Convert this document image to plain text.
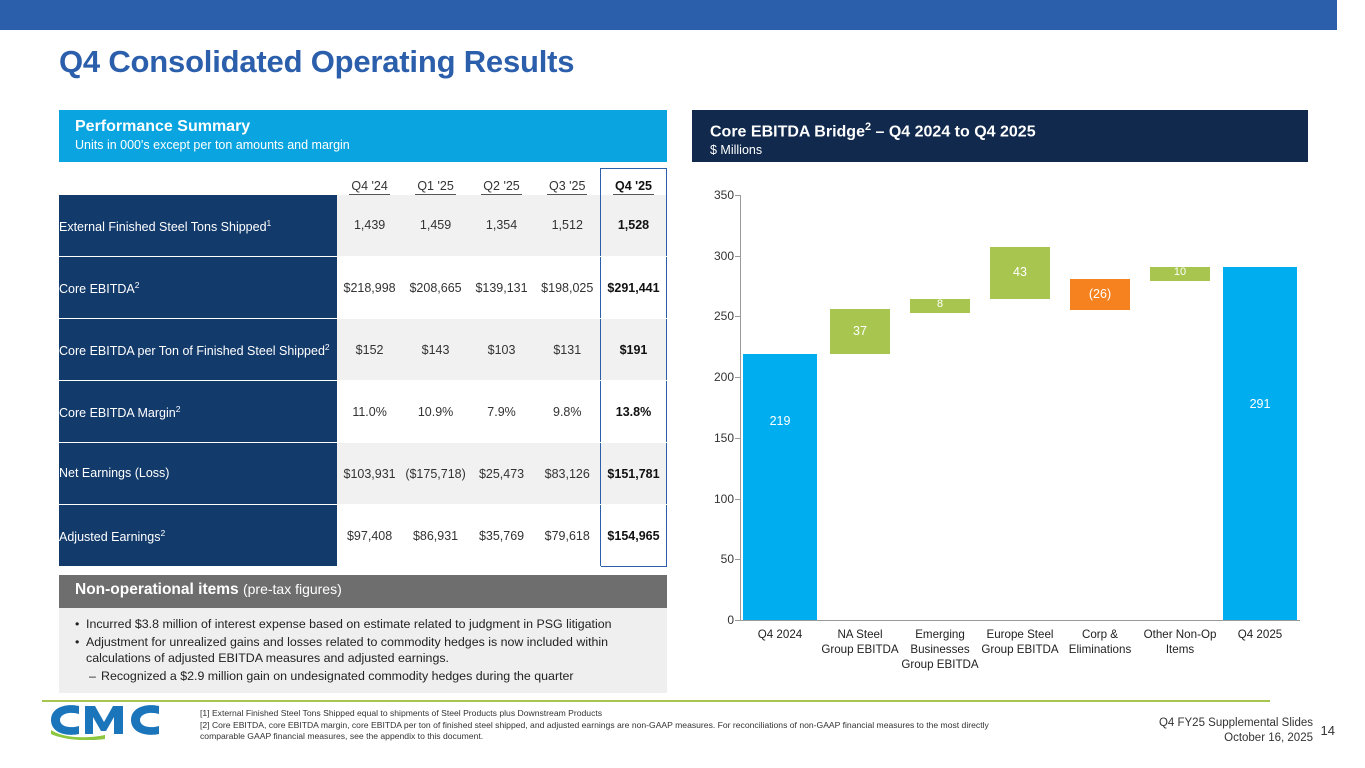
Q4 Consolidated Operating Results
Performance Summary
Units in 000's except per ton amounts and margin
	Q4 '24	Q1 '25	Q2 '25	Q3 '25	Q4 '25
External Finished Steel Tons Shipped$^1$	1,439	1,459	1,354	1,512	1,528
Core EBITDA$^2$	$218,998	$208,665	$139,131	$198,025	$291,441
Core EBITDA per Ton of Finished Steel Shipped$^2$	$152	$143	$103	$131	$191
Core EBITDA Margin$^2$	11.0%	10.9%	7.9%	9.8%	13.8%
Net Earnings (Loss)	$103,931	($175,718)	$25,473	$83,126	$151,781
Adjusted Earnings$^2$	$97,408	$86,931	$35,769	$79,618	$154,965
Non-operational items (pre-tax figures)
• Incurred $3.8 million of interest expense based on estimate related to judgment in PSG litigation
• Adjustment for unrealized gains and losses related to commodity hedges is now included within calculations of adjusted EBITDA measures and adjusted earnings.
– Recognized a $2.9 million gain on undesignated commodity hedges during the quarter
Core EBITDA Bridge$^2$ – Q4 2024 to Q4 2025
$ Millions
0
50
100
150
200
250
300
350
219
37
8
43
(26)
10
291
Q4 2024	NA Steel Group EBITDA
Emerging Businesses Group EBITDA
Europe Steel Group EBITDA
Corp & Eliminations
Other Non-Op Items
Q4 2025
[1] External Finished Steel Tons Shipped equal to shipments of Steel Products plus Downstream Products
[2] Core EBITDA, core EBITDA margin, core EBITDA per ton of finished steel shipped, and adjusted earnings are non-GAAP measures. For reconciliations of non-GAAP financial measures to the most directly comparable GAAP financial measures, see the appendix to this document.
Q4 FY25 Supplemental Slides
October 16, 2025 14
